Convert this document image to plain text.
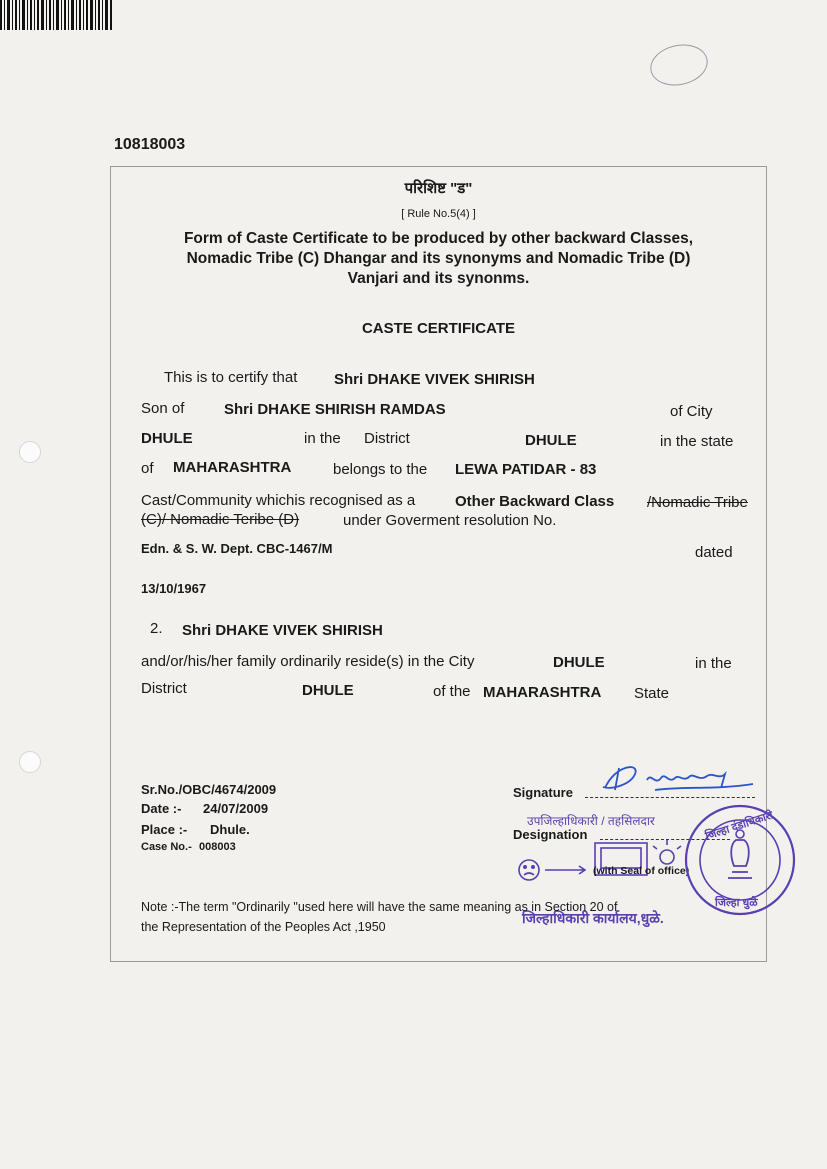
10818003
परिशिष्ट "ड"
[ Rule No.5(4) ]
Form of Caste Certificate to be produced by other backward Classes,
Nomadic Tribe (C) Dhangar and its synonyms and Nomadic Tribe (D)
Vanjari and its synonms.
CASTE CERTIFICATE
This is to certify that Shri DHAKE VIVEK SHIRISH
Son of	Shri DHAKE SHIRISH RAMDAS	of City
DHULE	in the District	DHULE	in the state
of MAHARASHTRA	belongs to the LEWA PATIDAR - 83
Cast/Community whichis recognised as a	Other Backward Class /Nomadic Tribe
(C)/ Nomadic Teribe (D)	under Goverment resolution No.
Edn. & S. W. Dept. CBC-1467/M	dated
13/10/1967
2. Shri DHAKE VIVEK SHIRISH
and/or/his/her family ordinarily reside(s) in the City	DHULE	in the
District	DHULE	of the MAHARASHTRA State
Sr.No./OBC/4674/2009
Date :- 24/07/2009
Place :- Dhule.
Case No.- 008003
Signature
उपजिल्हाधिकारी / तहसिलदार
Designation
(with Seal of office)
जिल्हाधिकारी कार्यालय,धुळे.
जिल्हा दंडाधिकारी
जिल्हा धुळे
Note :-The term "Ordinarily "used here will have the same meaning as in Section 20 of
the Representation of the Peoples Act ,1950
